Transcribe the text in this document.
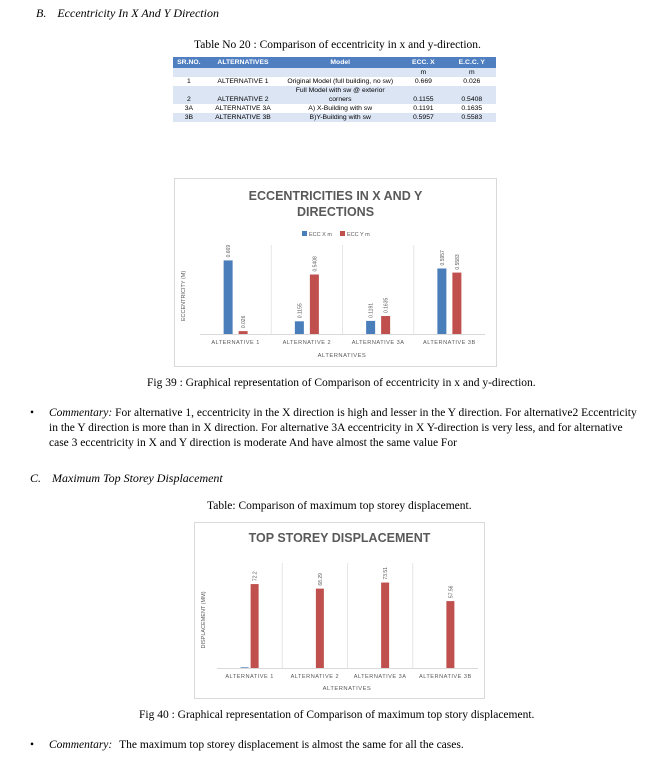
B. Eccentricity In X And Y Direction
Table No 20 : Comparison of eccentricity in x and y-direction.
SR.NO.	ALTERNATIVES	Model	ECC. X	E.C.C. Y
			m	m
1	ALTERNATIVE 1	Original Model (full building, no sw)	0.669	0.026
		Full Model with sw @ exterior		
2	ALTERNATIVE 2	corners	0.1155	0.5408
3A	ALTERNATIVE 3A	A) X-Building with sw	0.1191	0.1635
3B	ALTERNATIVE 3B	B)Y-Building with sw	0.5957	0.5583
ECCENTRICITIES IN X AND Y
DIRECTIONS
ECC X m	ECC Y m
ECCENTRICITY (M)
0.669
0.026
ALTERNATIVE 1
0.1155
0.5408
ALTERNATIVE 2
0.1191 0.1635
ALTERNATIVE 3A
0.5957 0.5583
ALTERNATIVE 3B
ALTERNATIVES
Fig 39 : Graphical representation of Comparison of eccentricity in x and y-direction.
• Commentary: For alternative 1, eccentricity in the X direction is high and lesser in the Y direction. For alternative2 Eccentricity
in the Y direction is more than in X direction. For alternative 3A eccentricity in X Y-direction is very less, and for alternative
case 3 eccentricity in X and Y direction is moderate And have almost the same value For
C. Maximum Top Storey Displacement
Table: Comparison of maximum top storey displacement.
TOP STOREY DISPLACEMENT
DISPLACEMENT (MM)
72.2
ALTERNATIVE 1
68.29
ALTERNATIVE 2
73.51
ALTERNATIVE 3A
57.56
ALTERNATIVE 3B
ALTERNATIVES
Fig 40 : Graphical representation of Comparison of maximum top story displacement.
• Commentary: The maximum top storey displacement is almost the same for all the cases.
